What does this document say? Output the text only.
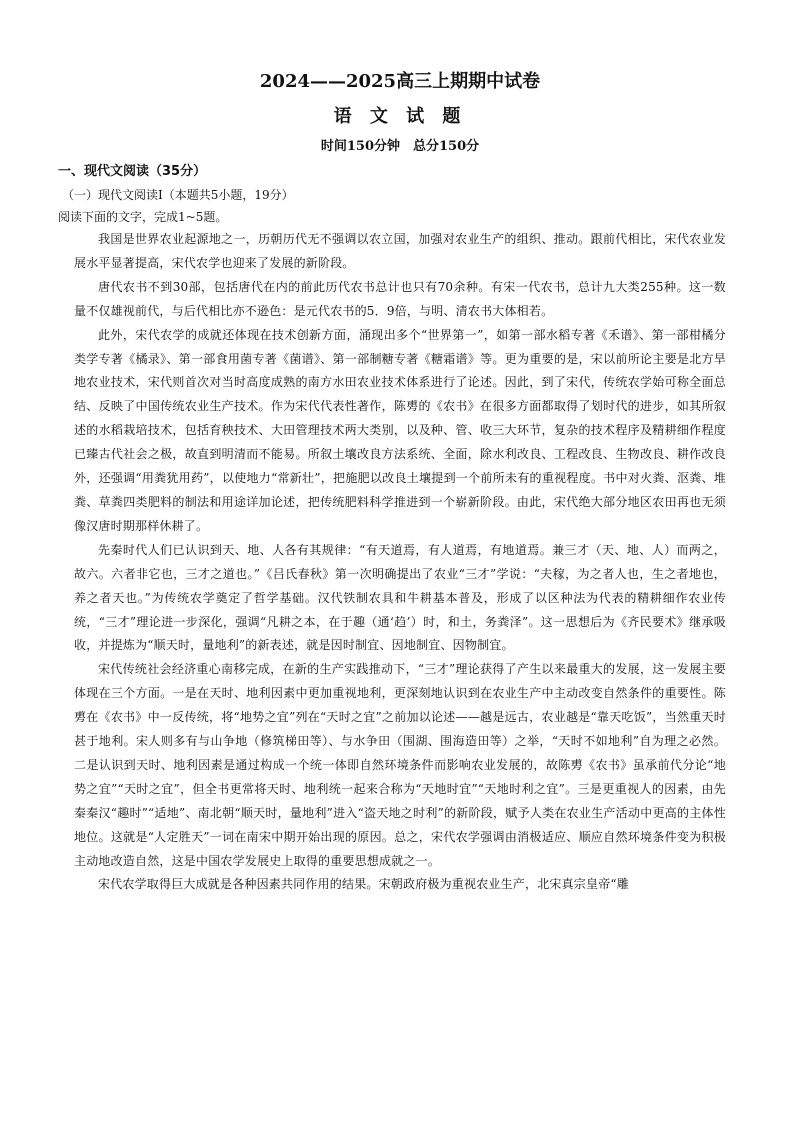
2024——2025高三上期期中试卷
语 文 试 题
时间150分钟　总分150分
一、现代文阅读（35分）
（一）现代文阅读Ⅰ（本题共5小题，19分）
阅读下面的文字，完成1~5题。

我国是世界农业起源地之一，历朝历代无不强调以农立国，加强对农业生产的组织、推动。跟前代相比，宋代农业发展水平显著提高，宋代农学也迎来了发展的新阶段。

唐代农书不到30部，包括唐代在内的前此历代农书总计也只有70余种。有宋一代农书，总计九大类255种。这一数量不仅雄视前代，与后代相比亦不逊色：是元代农书的5．9倍，与明、清农书大体相若。

此外，宋代农学的成就还体现在技术创新方面，涌现出多个“世界第一”，如第一部水稻专著《禾谱》、第一部柑橘分类学专著《橘录》、第一部食用菌专著《菌谱》、第一部制糖专著《糖霜谱》等。更为重要的是，宋以前所论主要是北方旱地农业技术，宋代则首次对当时高度成熟的南方水田农业技术体系进行了论述。因此，到了宋代，传统农学始可称全面总结、反映了中国传统农业生产技术。作为宋代代表性著作，陈旉的《农书》在很多方面都取得了划时代的进步，如其所叙述的水稻栽培技术，包括育秧技术、大田管理技术两大类别，以及种、管、收三大环节，复杂的技术程序及精耕细作程度已臻古代社会之极，故直到明清而不能易。所叙土壤改良方法系统、全面，除水利改良、工程改良、生物改良、耕作改良外，还强调“用粪犹用药”，以使地力“常新壮”，把施肥以改良土壤提到一个前所未有的重视程度。书中对火粪、沤粪、堆粪、草粪四类肥料的制法和用途详加论述，把传统肥料科学推进到一个崭新阶段。由此，宋代绝大部分地区农田再也无须像汉唐时期那样休耕了。

先秦时代人们已认识到天、地、人各有其规律：“有天道焉，有人道焉，有地道焉。兼三才（天、地、人）而两之，故六。六者非它也，三才之道也。”《吕氏春秋》第一次明确提出了农业“三才”学说：“夫稼，为之者人也，生之者地也，养之者天也。”为传统农学奠定了哲学基础。汉代铁制农具和牛耕基本普及，形成了以区种法为代表的精耕细作农业传统，“三才”理论进一步深化，强调“凡耕之本，在于趣（通‘趋’）时，和土，务粪泽”。这一思想后为《齐民要术》继承吸收，并提炼为“顺天时，量地利”的新表述，就是因时制宜、因地制宜、因物制宜。

宋代传统社会经济重心南移完成，在新的生产实践推动下，“三才”理论获得了产生以来最重大的发展，这一发展主要体现在三个方面。一是在天时、地利因素中更加重视地利，更深刻地认识到在农业生产中主动改变自然条件的重要性。陈旉在《农书》中一反传统，将“地势之宜”列在“天时之宜”之前加以论述——越是远古，农业越是“靠天吃饭”，当然重天时甚于地利。宋人则多有与山争地（修筑梯田等）、与水争田（围湖、围海造田等）之举，“天时不如地利”自为理之必然。二是认识到天时、地利因素是通过构成一个统一体即自然环境条件而影响农业发展的，故陈旉《农书》虽承前代分论“地势之宜”“天时之宜”，但全书更常将天时、地利统一起来合称为“天地时宜”“天地时利之宜”。三是更重视人的因素，由先秦秦汉“趣时”“适地”、南北朝“顺天时，量地利”进入“盗天地之时利”的新阶段，赋予人类在农业生产活动中更高的主体性地位。这就是“人定胜天”一词在南宋中期开始出现的原因。总之，宋代农学强调由消极适应、顺应自然环境条件变为积极主动地改造自然，这是中国农学发展史上取得的重要思想成就之一。

宋代农学取得巨大成就是各种因素共同作用的结果。宋朝政府极为重视农业生产，北宋真宗皇帝“雕
